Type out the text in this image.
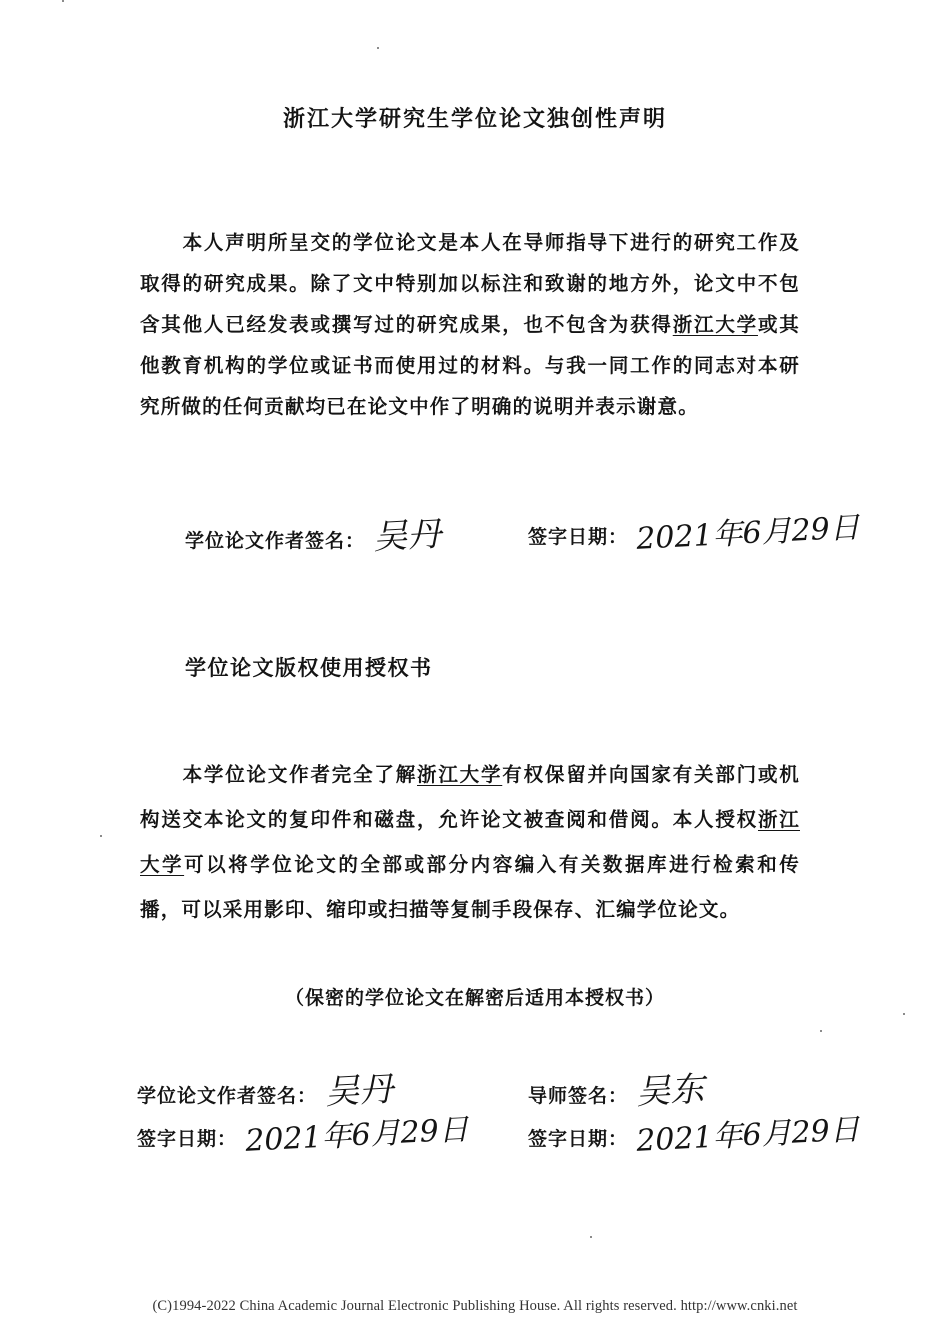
浙江大学研究生学位论文独创性声明
本人声明所呈交的学位论文是本人在导师指导下进行的研究工作及取得的研究成果。除了文中特别加以标注和致谢的地方外，论文中不包含其他人已经发表或撰写过的研究成果，也不包含为获得浙江大学或其他教育机构的学位或证书而使用过的材料。与我一同工作的同志对本研究所做的任何贡献均已在论文中作了明确的说明并表示谢意。
学位论文作者签名： 吴丹	签字日期： 2021年6月29日
学位论文版权使用授权书
本学位论文作者完全了解浙江大学有权保留并向国家有关部门或机构送交本论文的复印件和磁盘，允许论文被查阅和借阅。本人授权浙江大学可以将学位论文的全部或部分内容编入有关数据库进行检索和传播，可以采用影印、缩印或扫描等复制手段保存、汇编学位论文。
（保密的学位论文在解密后适用本授权书）
学位论文作者签名： 吴丹	导师签名： 吴东
签字日期： 2021年6月29日	签字日期： 2021年6月29日
(C)1994-2022 China Academic Journal Electronic Publishing House. All rights reserved. http://www.cnki.net
